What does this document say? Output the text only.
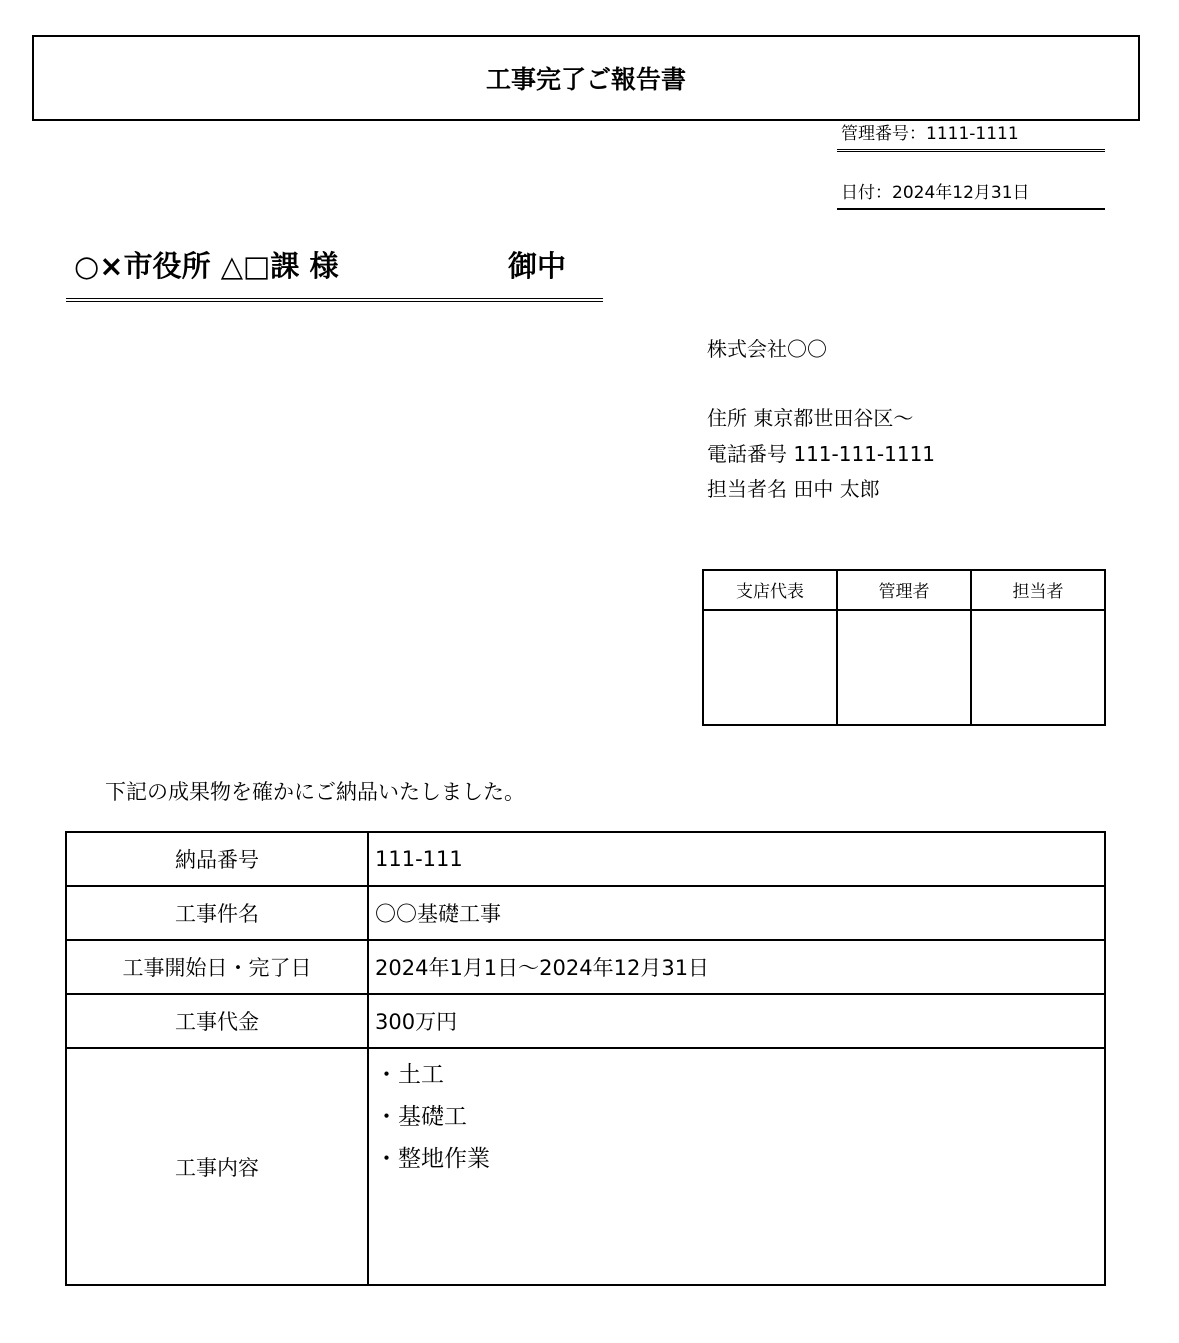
工事完了ご報告書
管理番号：1111-1111
日付：2024年12月31日
○×市役所 △□課 様	御中
株式会社〇〇
住所 東京都世田谷区～
電話番号 111-111-1111
担当者名 田中 太郎
支店代表	管理者	担当者

下記の成果物を確かにご納品いたしました。
納品番号	111-111
工事件名	〇〇基礎工事
工事開始日・完了日	2024年1月1日～2024年12月31日
工事代金	300万円
工事内容	・土工
・基礎工
・整地作業
